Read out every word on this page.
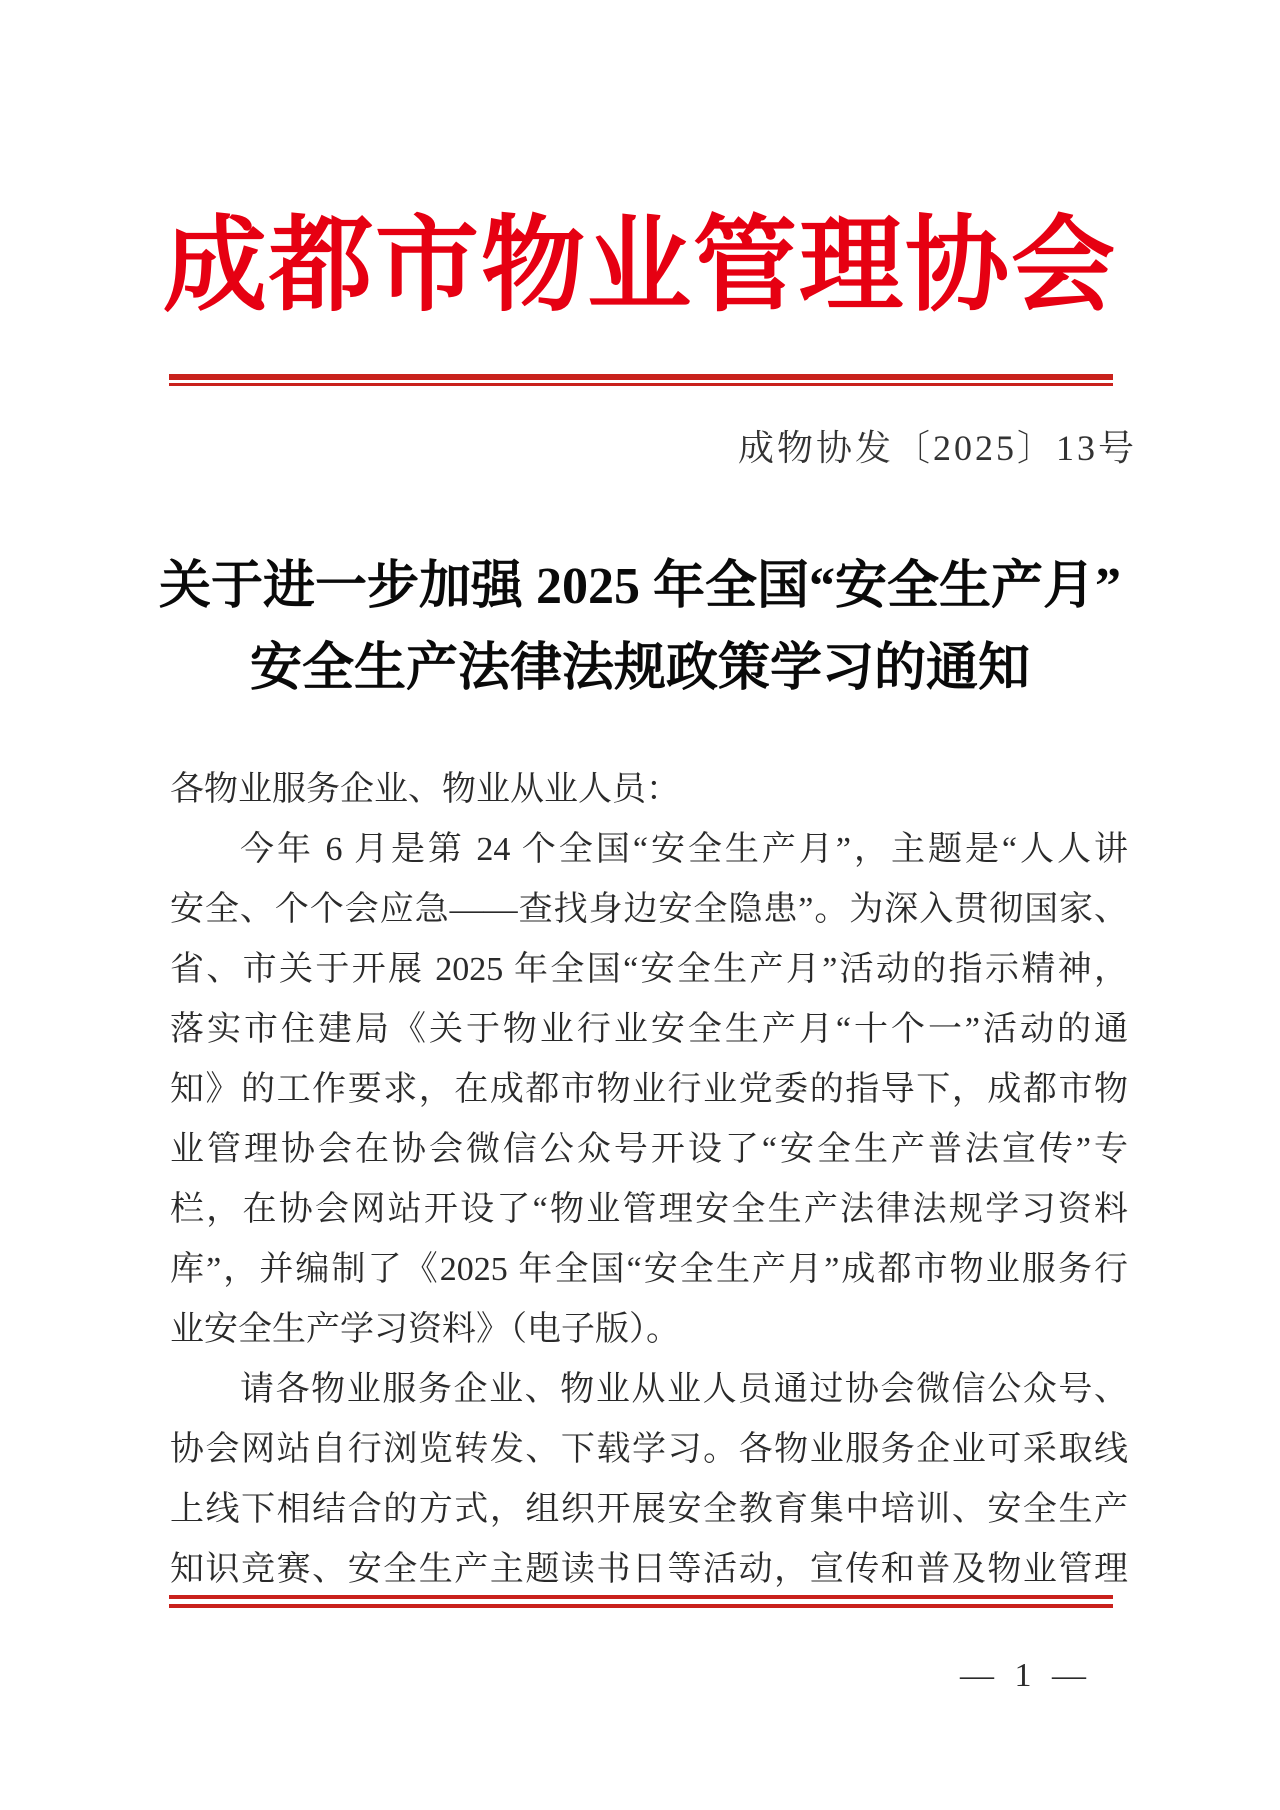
成都市物业管理协会
成物协发〔2025〕13号
关于进一步加强 2025 年全国“安全生产月”
安全生产法律法规政策学习的通知
各物业服务企业、物业从业人员：
今年 6 月是第 24 个全国“安全生产月”，主题是“人人讲
安全、个个会应急——查找身边安全隐患”。为深入贯彻国家、
省、市关于开展 2025 年全国“安全生产月”活动的指示精神，
落实市住建局《关于物业行业安全生产月“十个一”活动的通
知》的工作要求，在成都市物业行业党委的指导下，成都市物
业管理协会在协会微信公众号开设了“安全生产普法宣传”专
栏，在协会网站开设了“物业管理安全生产法律法规学习资料
库”，并编制了《2025 年全国“安全生产月”成都市物业服务行
业安全生产学习资料》（电子版）。
请各物业服务企业、物业从业人员通过协会微信公众号、
协会网站自行浏览转发、下载学习。各物业服务企业可采取线
上线下相结合的方式，组织开展安全教育集中培训、安全生产
知识竞赛、安全生产主题读书日等活动，宣传和普及物业管理
— 1 —
